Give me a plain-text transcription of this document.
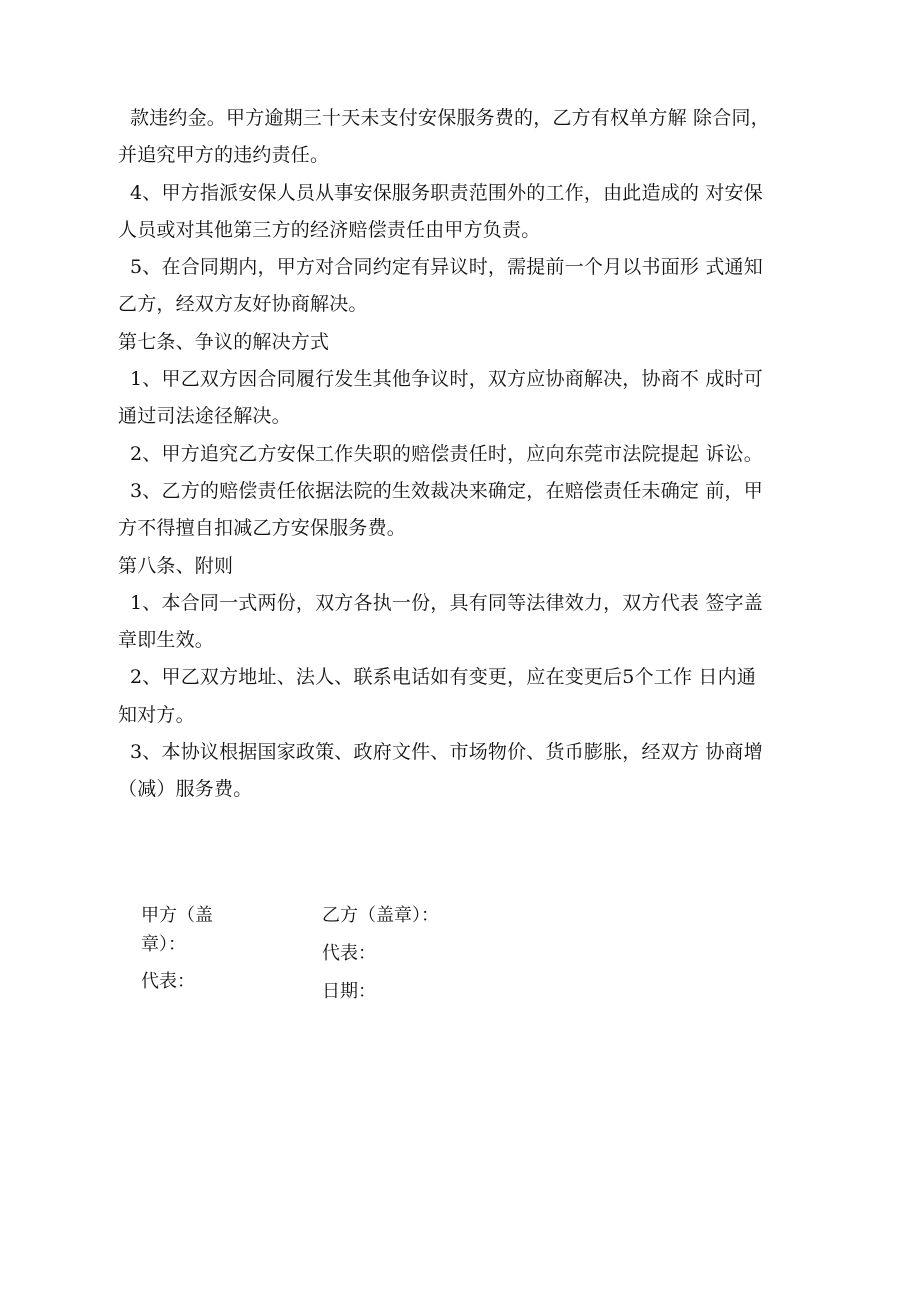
款违约金。甲方逾期三十天未支付安保服务费的，乙方有权单方解 除合同，
并追究甲方的违约责任。
4、甲方指派安保人员从事安保服务职责范围外的工作，由此造成的 对安保
人员或对其他第三方的经济赔偿责任由甲方负责。
5、在合同期内，甲方对合同约定有异议时，需提前一个月以书面形 式通知
乙方，经双方友好协商解决。
第七条、争议的解决方式
1、甲乙双方因合同履行发生其他争议时，双方应协商解决，协商不 成时可
通过司法途径解决。
2、甲方追究乙方安保工作失职的赔偿责任时，应向东莞市法院提起 诉讼。
3、乙方的赔偿责任依据法院的生效裁决来确定，在赔偿责任未确定 前，甲
方不得擅自扣减乙方安保服务费。
第八条、附则
1、本合同一式两份，双方各执一份，具有同等法律效力，双方代表 签字盖
章即生效。
2、甲乙双方地址、法人、联系电话如有变更，应在变更后5个工作 日内通
知对方。
3、本协议根据国家政策、政府文件、市场物价、货币膨胀，经双方 协商增
（减）服务费。
甲方（盖
章）：
代表：
乙方（盖章）：
代表：
日期：
